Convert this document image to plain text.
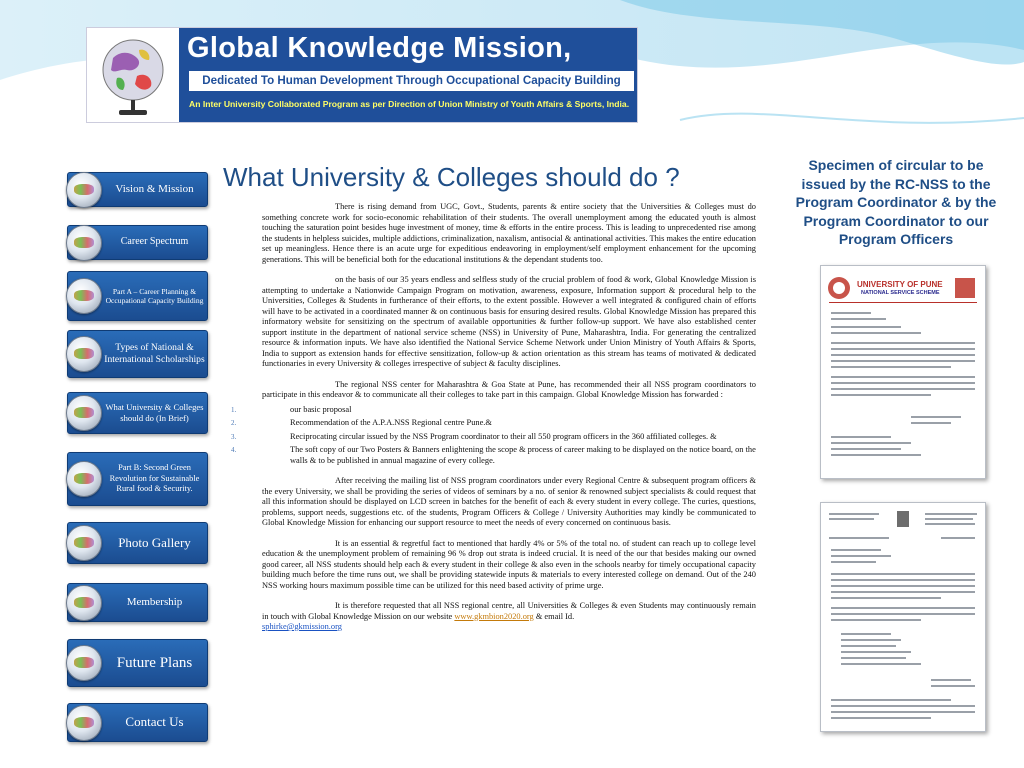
Global Knowledge Mission,
Dedicated To Human Development Through Occupational Capacity Building
An Inter University Collaborated Program as per Direction of Union Ministry of Youth Affairs & Sports, India.
Vision & Mission
Career Spectrum
Part A – Career Planning & Occupational Capacity Building
Types of National & International Scholarships
What University & Colleges should do (In Brief)
Part B: Second Green Revolution for Sustainable Rural food & Security.
Photo Gallery
Membership
Future Plans
Contact Us
What University & Colleges should do ?

There is rising demand from UGC, Govt., Students, parents & entire society that the Universities & Colleges must do something concrete work for socio-economic rehabilitation of their students. The overall unemployment among the educated youth is almost touching the saturation point besides huge investment of money, time & efforts in the entire process. This is leading to unprecedented rise among the students in helpless suicides, multiple addictions, criminalization, naxalism, antisocial & antinational activities. This makes the entire education set up meaningless. Hence there is an acute urge for expeditious endeavoring in employment/self employment enhancement for the upcoming generations. This will be beneficial both for the educational institutions & the dependant students too.

on the basis of our 35 years endless and selfless study of the crucial problem of food & work, Global Knowledge Mission is attempting to undertake a Nationwide Campaign Program on motivation, awareness, exposure, Information support & procedural help to the Universities, Colleges & Students in furtherance of their efforts, to the extent possible. However a well integrated & configured chain of efforts will have to be activated in a coordinated manner & on continuous basis for ensuring desired results. Global Knowledge Mission has prepared this informatory website for sensitizing on the spectrum of available opportunities & further follow-up support. We have also established center support institute in the department of national service scheme (NSS) in University of Pune, Maharashtra, India. For generating the centralized resource & information inputs. We have also identified the National Service Scheme Network under Union Ministry of Youth Affairs & Sports, India to support as extension hands for effective sensitization, follow-up & action orientation as this stream has teams of motivated & dedicated functionaries in every University & colleges irrespective of subject & faculty disciplines.

The regional NSS center for Maharashtra & Goa State at Pune, has recommended their all NSS program coordinators to participate in this endeavor & to communicate all their colleges to take part in this campaign. Global Knowledge Mission has forwarded :

1.	our basic proposal
2.	Recommendation of the A.P.A.NSS Regional centre Pune.&
3.	Reciprocating circular issued by the NSS Program coordinator to their all 550 program officers in the 360 affiliated colleges. &
4.	The soft copy of our Two Posters & Banners enlightening the scope & process of career making to be displayed on the notice board, on the walls & to be published in annual magazine of every college.

After receiving the mailing list of NSS program coordinators under every Regional Centre & subsequent program officers & the every University, we shall be providing the series of videos of seminars by a no. of senior & renowned subject specialists & could request that all this information should be displayed on LCD screen in batches for the benefit of each & every student in every college. The curies, questions, problems, support needs, suggestions etc. of the students, Program Officers & College / University Authorities may kindly be communicated to Global Knowledge Mission for enhancing our support resource to meet the needs of every concerned on continuous basis.

It is an essential & regretful fact to mentioned that hardly 4% or 5% of the total no. of student can reach up to college level education & the unemployment problem of remaining 96 % drop out strata is indeed crucial. It is need of the our that besides making our owned good career, all NSS students should help each & every student in their college & also even in the schools nearby for timely occupational capacity building much before the time runs out, we shall be providing statewide inputs & materials to every interested college on demand. Out of the 240 NSS working hours maximum possible time can be utilized for this need based activity of prime urge.

It is therefore requested that all NSS regional centre, all Universities & Colleges & even Students may continuously remain in touch with Global Knowledge Mission on our website www.gkmbion2020.org & email Id.
sphirke@gkmission.org

Specimen of circular to be issued by the RC-NSS to the Program Coordinator & by the Program Coordinator to our Program Officers
UNIVERSITY OF PUNE
NATIONAL SERVICE SCHEME
